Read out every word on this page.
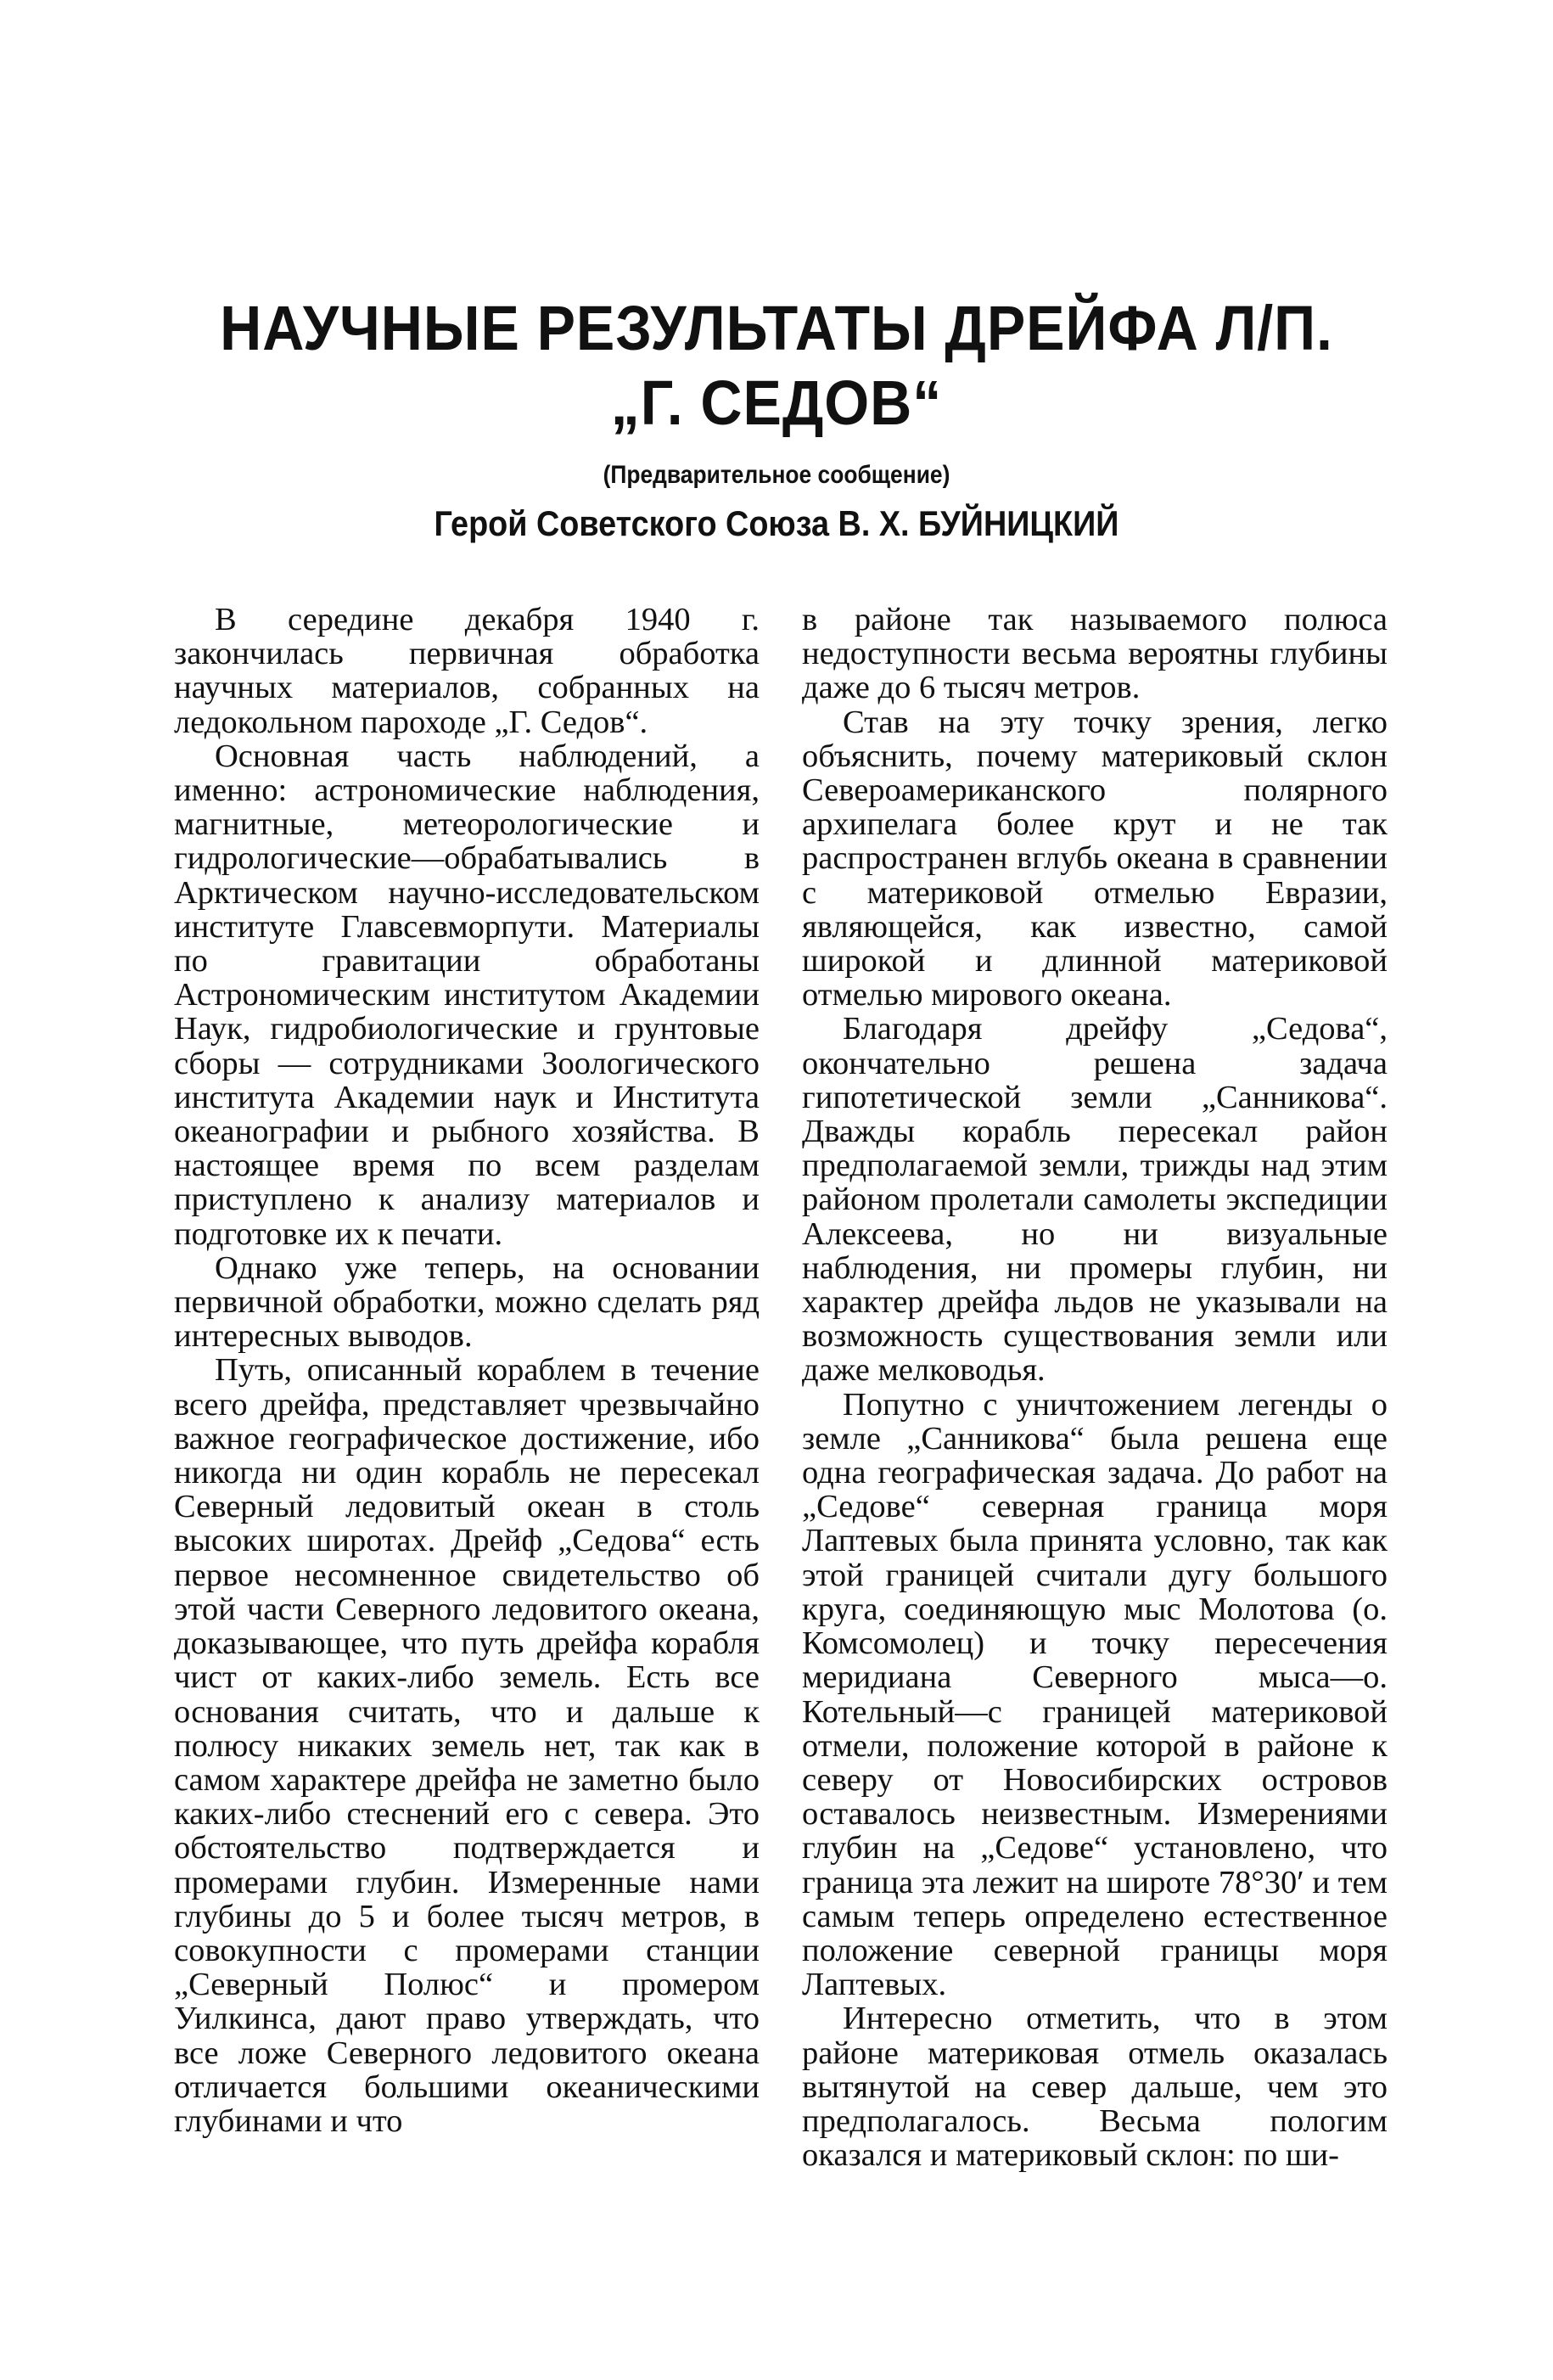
НАУЧНЫЕ РЕЗУЛЬТАТЫ ДРЕЙФА Л/П.
„Г. СЕДОВ“
(Предварительное сообщение)
Герой Советского Союза В. Х. БУЙНИЦКИЙ

В середине декабря 1940 г. закончилась первичная обработка научных материалов, собранных на ледокольном пароходе „Г. Седов“.

Основная часть наблюдений, а именно: астрономические наблюдения, магнитные, метеорологические и гидрологические—обрабатывались в Арктическом научно-исследовательском институте Главсевморпути. Материалы по гравитации обработаны Астрономическим институтом Академии Наук, гидробиологические и грунтовые сборы — сотрудниками Зоологического института Академии наук и Института океанографии и рыбного хозяйства. В настоящее время по всем разделам приступлено к анализу материалов и подготовке их к печати.

Однако уже теперь, на основании первичной обработки, можно сделать ряд интересных выводов.

Путь, описанный кораблем в течение всего дрейфа, представляет чрезвычайно важное географическое достижение, ибо никогда ни один корабль не пересекал Северный ледовитый океан в столь высоких широтах. Дрейф „Седова“ есть первое несомненное свидетельство об этой части Северного ледовитого океана, доказывающее, что путь дрейфа корабля чист от каких-либо земель. Есть все основания считать, что и дальше к полюсу никаких земель нет, так как в самом характере дрейфа не заметно было каких-либо стеснений его с севера. Это обстоятельство подтверждается и промерами глубин. Измеренные нами глубины до 5 и более тысяч метров, в совокупности с промерами станции „Северный Полюс“ и промером Уилкинса, дают право утверждать, что все ложе Северного ледовитого океана отличается большими океаническими глубинами и что

в районе так называемого полюса недоступности весьма вероятны глубины даже до 6 тысяч метров.

Став на эту точку зрения, легко объяснить, почему материковый склон Североамериканского полярного архипелага более крут и не так распространен вглубь океана в сравнении с материковой отмелью Евразии, являющейся, как известно, самой широкой и длинной материковой отмелью мирового океана.

Благодаря дрейфу „Седова“, окончательно решена задача гипотетической земли „Санникова“. Дважды корабль пересекал район предполагаемой земли, трижды над этим районом пролетали самолеты экспедиции Алексеева, но ни визуальные наблюдения, ни промеры глубин, ни характер дрейфа льдов не указывали на возможность существования земли или даже мелководья.

Попутно с уничтожением легенды о земле „Санникова“ была решена еще одна географическая задача. До работ на „Седове“ северная граница моря Лаптевых была принята условно, так как этой границей считали дугу большого круга, соединяющую мыс Молотова (о. Комсомолец) и точку пересечения меридиана Северного мыса—о. Котельный—с границей материковой отмели, положение которой в районе к северу от Новосибирских островов оставалось неизвестным. Измерениями глубин на „Седове“ установлено, что граница эта лежит на широте 78°30′ и тем самым теперь определено естественное положение северной границы моря Лаптевых.

Интересно отметить, что в этом районе материковая отмель оказалась вытянутой на север дальше, чем это предполагалось. Весьма пологим оказался и материковый склон: по ши-
